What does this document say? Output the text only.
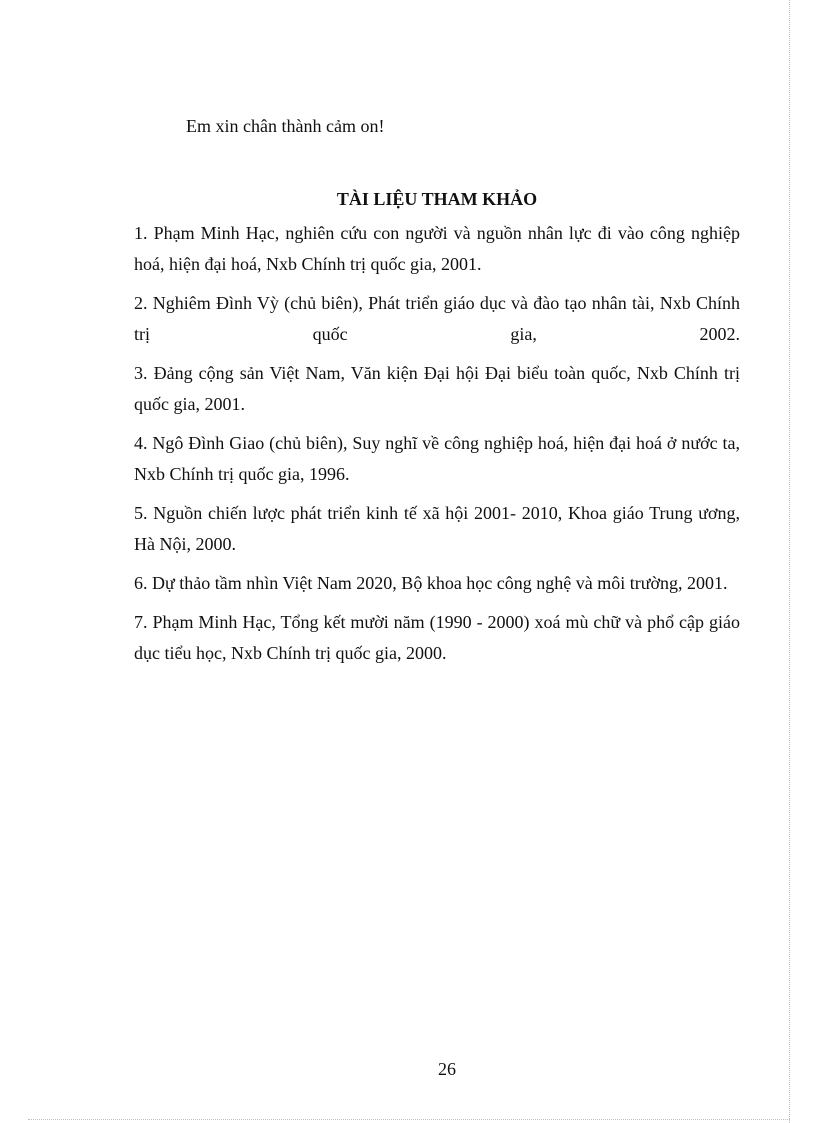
Em xin chân thành cảm on!

TÀI LIỆU THAM KHẢO
1. Phạm Minh Hạc, nghiên cứu con người và nguồn nhân lực đi vào công nghiệp hoá, hiện đại hoá, Nxb Chính trị quốc gia, 2001.
2. Nghiêm Đình Vỳ (chủ biên), Phát triển giáo dục và đào tạo nhân tài, Nxb Chính trị quốc gia, 2002.
3. Đảng cộng sản Việt Nam, Văn kiện Đại hội Đại biểu toàn quốc, Nxb Chính trị quốc gia, 2001.
4. Ngô Đình Giao (chủ biên), Suy nghĩ về công nghiệp hoá, hiện đại hoá ở nước ta, Nxb Chính trị quốc gia, 1996.
5. Nguồn chiến lược phát triển kinh tế xã hội 2001- 2010, Khoa giáo Trung ương, Hà Nội, 2000.
6. Dự thảo tầm nhìn Việt Nam 2020, Bộ khoa học công nghệ và môi trường, 2001.
7. Phạm Minh Hạc, Tổng kết mười năm (1990 - 2000) xoá mù chữ và phổ cập giáo dục tiểu học, Nxb Chính trị quốc gia, 2000.
26
